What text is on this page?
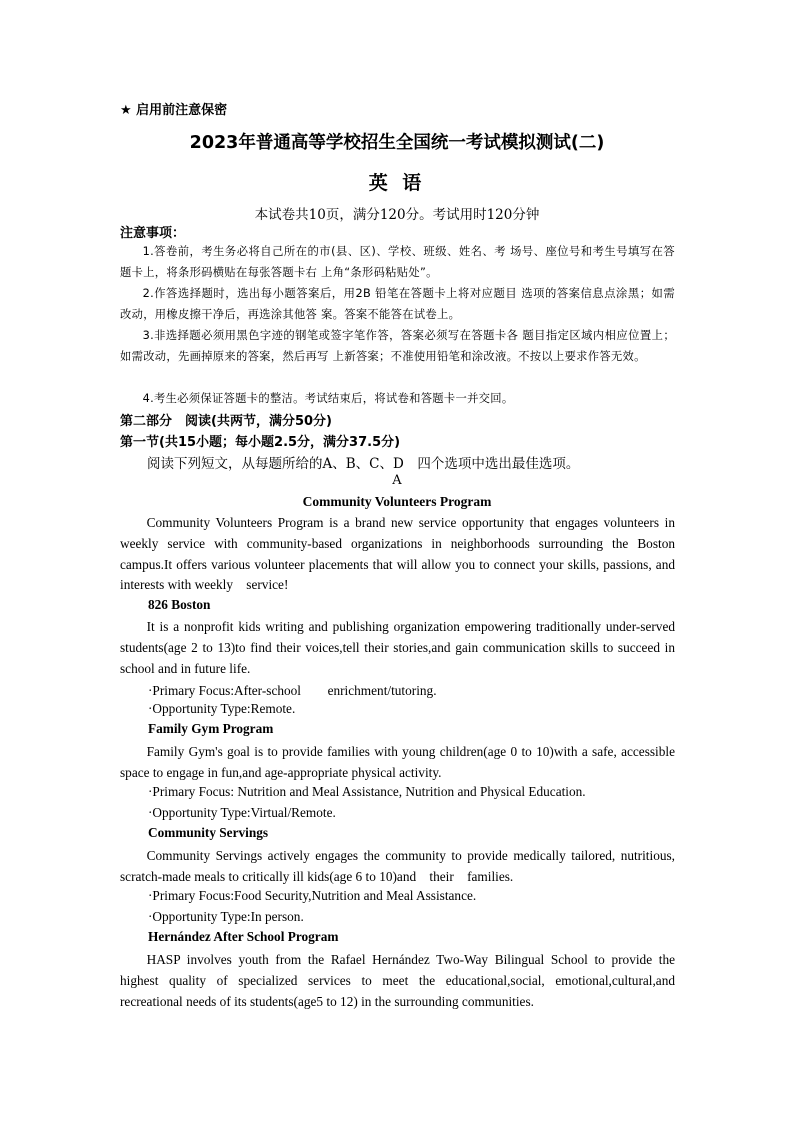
★ 启用前注意保密
2023年普通高等学校招生全国统一考试模拟测试(二)
英 语
本试卷共10页，满分120分。考试用时120分钟
注意事项：
1.答卷前，考生务必将自己所在的市(县、区)、学校、班级、姓名、考 场号、座位号和考生号填写在答题卡上，将条形码横贴在每张答题卡右 上角“条形码粘贴处”。
2.作答选择题时，选出每小题答案后，用2B 铅笔在答题卡上将对应题目 选项的答案信息点涂黑；如需改动，用橡皮擦干净后，再选涂其他答 案。答案不能答在试卷上。
3.非选择题必须用黑色字迹的钢笔或签字笔作答，答案必须写在答题卡各 题目指定区域内相应位置上；如需改动，先画掉原来的答案，然后再写 上新答案；不准使用铅笔和涂改液。不按以上要求作答无效。
4.考生必须保证答题卡的整洁。考试结束后，将试卷和答题卡一并交回。
第二部分　阅读(共两节，满分50分)
第一节(共15小题；每小题2.5分，满分37.5分)
阅读下列短文，从每题所给的A、B、C、D　四个选项中选出最佳选项。
A
Community Volunteers Program
Community Volunteers Program is a brand new service opportunity that engages volunteers in weekly service with community-based organizations in neighborhoods surrounding the Boston campus.It offers various volunteer placements that will allow you to connect your skills, passions, and interests with weekly　service!
826 Boston
It is a nonprofit kids writing and publishing organization empowering traditionally under-served students(age 2 to 13)to find their voices,tell their stories,and gain communication skills to succeed in school and in future life.
·Primary Focus:After-school　　enrichment/tutoring.
·Opportunity Type:Remote.
Family Gym Program
Family Gym's goal is to provide families with young children(age 0 to 10)with a safe, accessible space to engage in fun,and age-appropriate physical activity.
·Primary Focus: Nutrition and Meal Assistance, Nutrition and Physical Education.
·Opportunity Type:Virtual/Remote.
Community Servings
Community Servings actively engages the community to provide medically tailored, nutritious, scratch-made meals to critically ill kids(age 6 to 10)and　their　families.
·Primary Focus:Food Security,Nutrition and Meal Assistance.
·Opportunity Type:In person.
Hernández After School Program
HASP involves youth from the Rafael Hernández Two-Way Bilingual School to provide the highest quality of specialized services to meet the educational,social, emotional,cultural,and recreational needs of its students(age5 to 12) in the surrounding communities.
